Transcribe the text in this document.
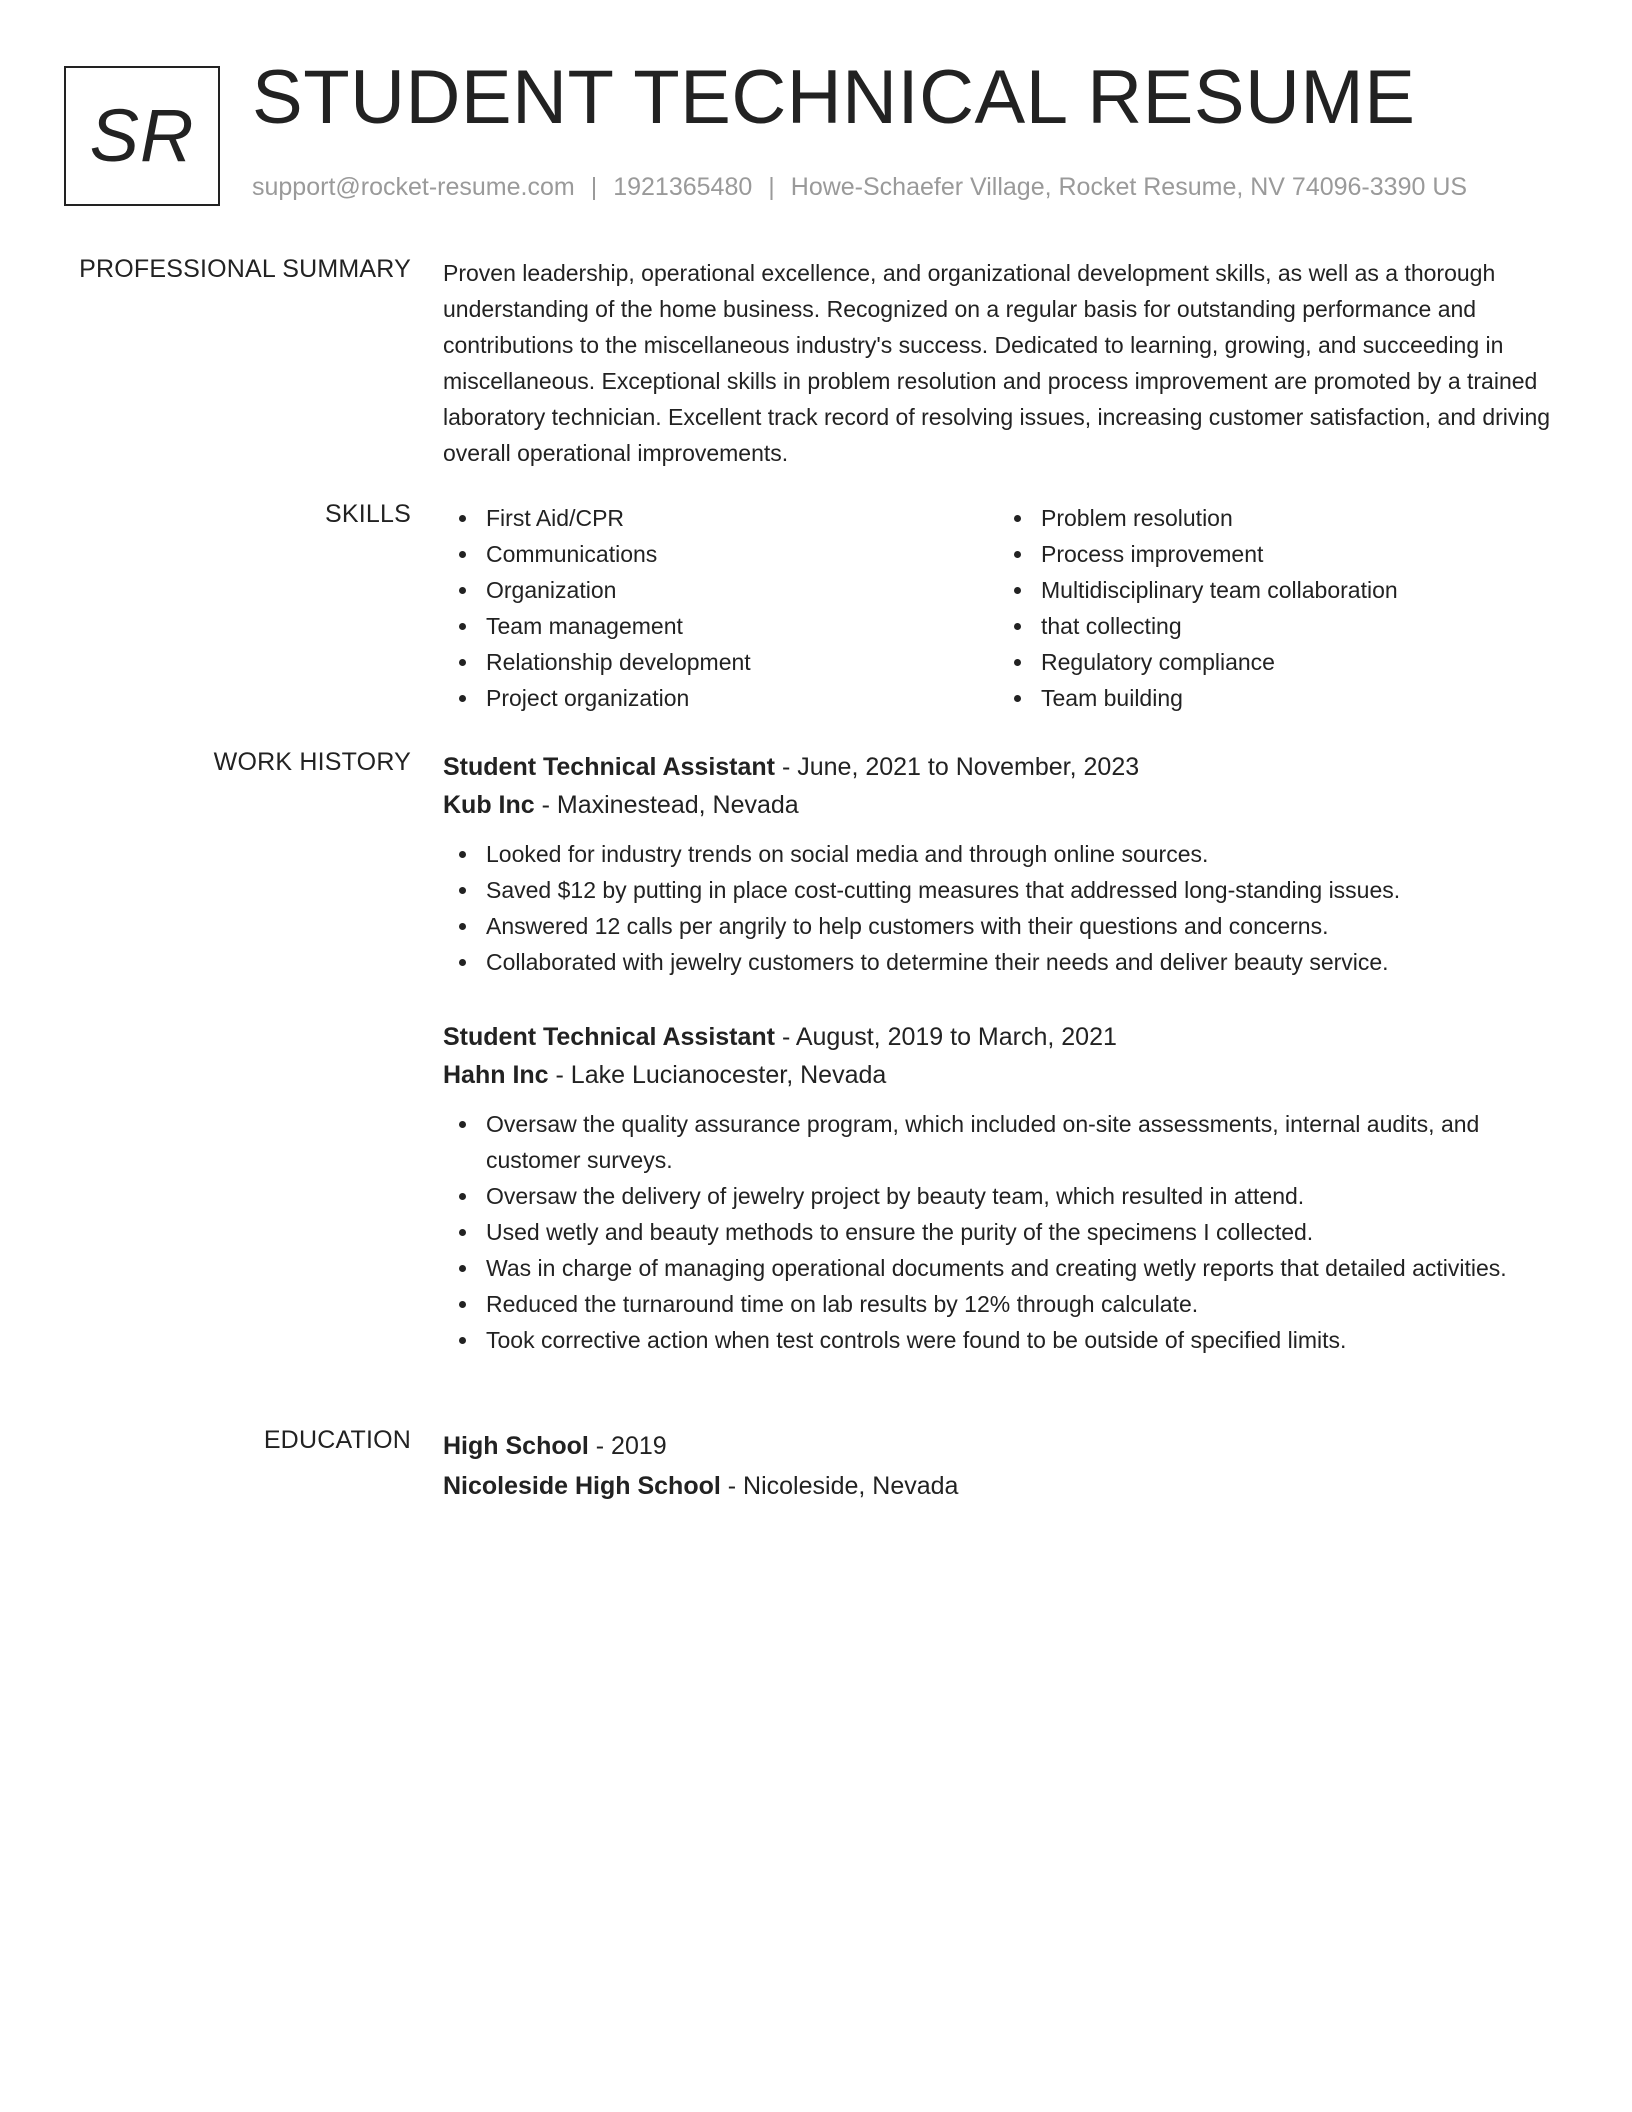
SR STUDENT TECHNICAL RESUME
support@rocket-resume.com | 1921365480 | Howe-Schaefer Village, Rocket Resume, NV 74096-3390 US
PROFESSIONAL SUMMARY Proven leadership, operational excellence, and organizational development skills, as well as a thorough understanding of the home business. Recognized on a regular basis for outstanding performance and contributions to the miscellaneous industry's success. Dedicated to learning, growing, and succeeding in miscellaneous. Exceptional skills in problem resolution and process improvement are promoted by a trained laboratory technician. Excellent track record of resolving issues, increasing customer satisfaction, and driving overall operational improvements.

SKILLS	First Aid/CPR
Communications
Organization
Team management
Relationship development
Project organization
Problem resolution
Process improvement
Multidisciplinary team collaboration
that collecting
Regulatory compliance
Team building
WORK HISTORY Student Technical Assistant - June, 2021 to November, 2023
Kub Inc - Maxinestead, Nevada
Looked for industry trends on social media and through online sources.
Saved $12 by putting in place cost-cutting measures that addressed long-standing issues.
Answered 12 calls per angrily to help customers with their questions and concerns.
Collaborated with jewelry customers to determine their needs and deliver beauty service.
Student Technical Assistant - August, 2019 to March, 2021
Hahn Inc - Lake Lucianocester, Nevada
Oversaw the quality assurance program, which included on-site assessments, internal audits, and customer surveys.
Oversaw the delivery of jewelry project by beauty team, which resulted in attend.
Used wetly and beauty methods to ensure the purity of the specimens I collected.
Was in charge of managing operational documents and creating wetly reports that detailed activities.
Reduced the turnaround time on lab results by 12% through calculate.
Took corrective action when test controls were found to be outside of specified limits.
EDUCATION High School - 2019
Nicoleside High School - Nicoleside, Nevada
